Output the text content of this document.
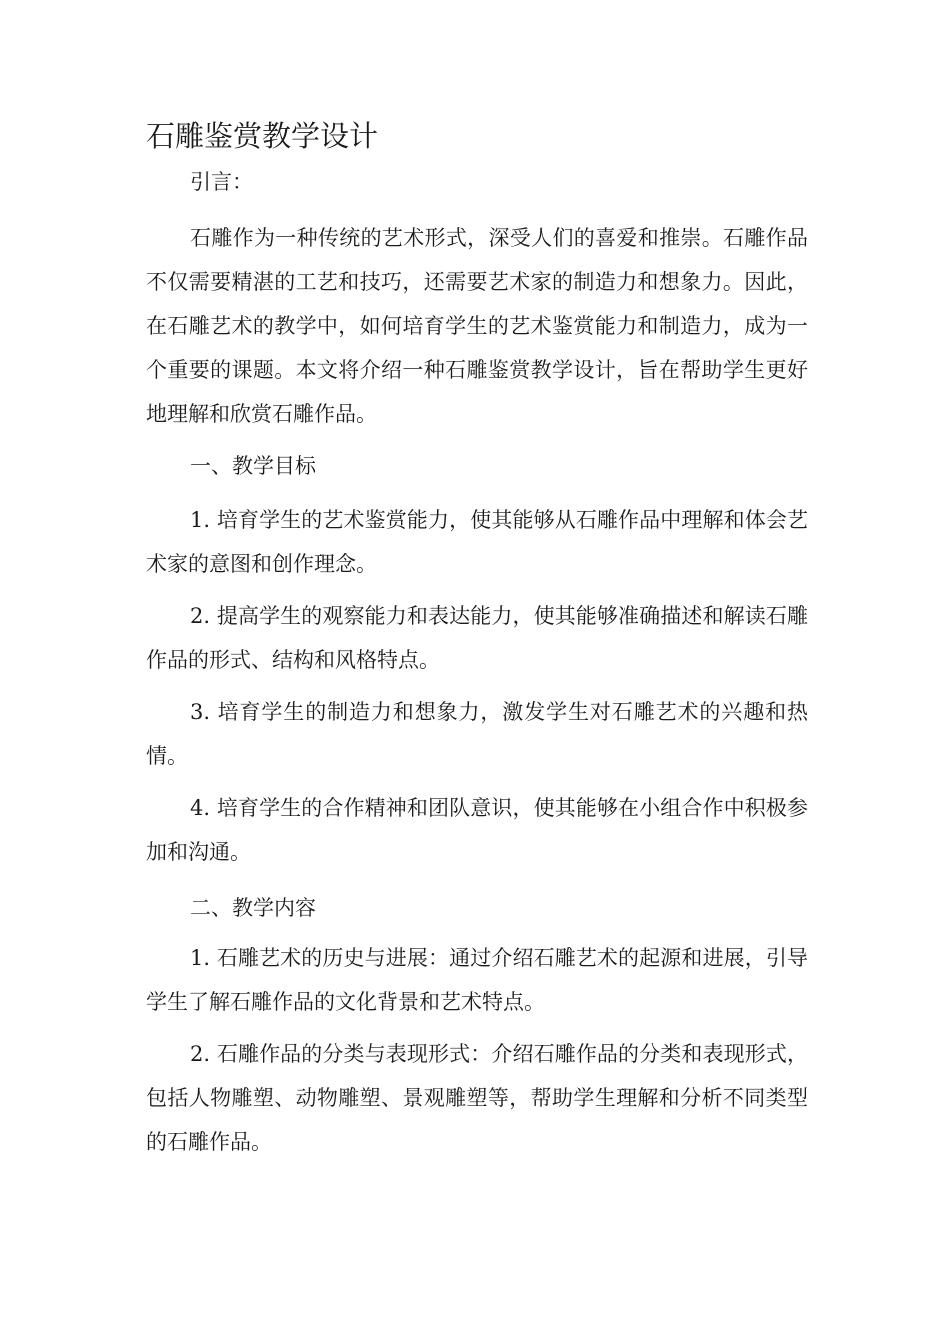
石雕鉴赏教学设计

引言：

石雕作为一种传统的艺术形式，深受人们的喜爱和推崇。石雕作品不仅需要精湛的工艺和技巧，还需要艺术家的制造力和想象力。因此，在石雕艺术的教学中，如何培育学生的艺术鉴赏能力和制造力，成为一个重要的课题。本文将介绍一种石雕鉴赏教学设计，旨在帮助学生更好地理解和欣赏石雕作品。

一、教学目标

1. 培育学生的艺术鉴赏能力，使其能够从石雕作品中理解和体会艺术家的意图和创作理念。

2. 提高学生的观察能力和表达能力，使其能够准确描述和解读石雕作品的形式、结构和风格特点。

3. 培育学生的制造力和想象力，激发学生对石雕艺术的兴趣和热情。

4. 培育学生的合作精神和团队意识，使其能够在小组合作中积极参加和沟通。

二、教学内容

1. 石雕艺术的历史与进展：通过介绍石雕艺术的起源和进展，引导学生了解石雕作品的文化背景和艺术特点。

2. 石雕作品的分类与表现形式：介绍石雕作品的分类和表现形式，包括人物雕塑、动物雕塑、景观雕塑等，帮助学生理解和分析不同类型的石雕作品。
